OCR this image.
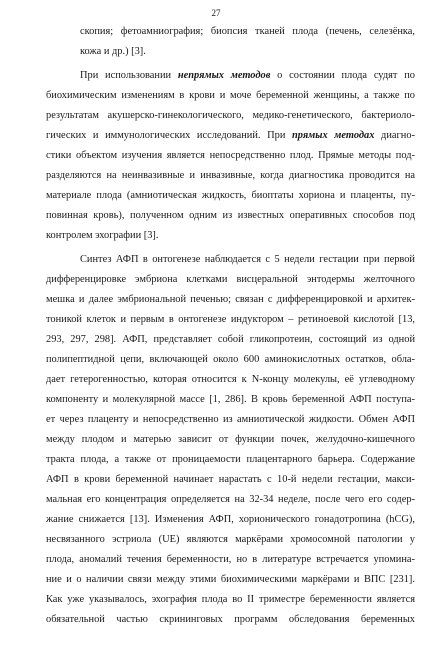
27
скопия; фетоамниография; биопсия тканей плода (печень, селезёнка,
кожа и др.) [3].
При использовании непрямых методов о состоянии плода судят по
биохимическим изменениям в крови и моче беременной женщины, а также по
результатам акушерско-гинекологического, медико-генетического, бактериоло-
гических и иммунологических исследований. При прямых методах диагно-
стики объектом изучения является непосредственно плод. Прямые методы под-
разделяются на неинвазивные и инвазивные, когда диагностика проводится на
материале плода (амниотическая жидкость, биоптаты хориона и плаценты, пу-
повинная кровь), полученном одним из известных оперативных способов под
контролем эхографии [3].
Синтез АФП в онтогенезе наблюдается с 5 недели гестации при первой
дифференцировке эмбриона клетками висцеральной энтодермы желточного
мешка и далее эмбриональной печенью; связан с дифференцировкой и архитек-
тоникой клеток и первым в онтогенезе индуктором – ретиноевой кислотой [13,
293, 297, 298]. АФП, представляет собой гликопротеин, состоящий из одной
полипептидной цепи, включающей около 600 аминокислотных остатков, обла-
дает гетерогенностью, которая относится к N-концу молекулы, её углеводному
компоненту и молекулярной массе [1, 286]. В кровь беременной АФП поступа-
ет через плаценту и непосредственно из амниотической жидкости. Обмен АФП
между плодом и матерью зависит от функции почек, желудочно-кишечного
тракта плода, а также от проницаемости плацентарного барьера. Содержание
АФП в крови беременной начинает нарастать с 10-й недели гестации, макси-
мальная его концентрация определяется на 32-34 неделе, после чего его содер-
жание снижается [13]. Изменения АФП, хорионического гонадотропина (hCG),
несвязанного эстриола (UE) являются маркёрами хромосомной патологии у
плода, аномалий течения беременности, но в литературе встречается упомина-
ние и о наличии связи между этими биохимическими маркёрами и ВПС [231].
Как уже указывалось, эхография плода во II триместре беременности является
обязательной частью скрининговых программ обследования беременных
